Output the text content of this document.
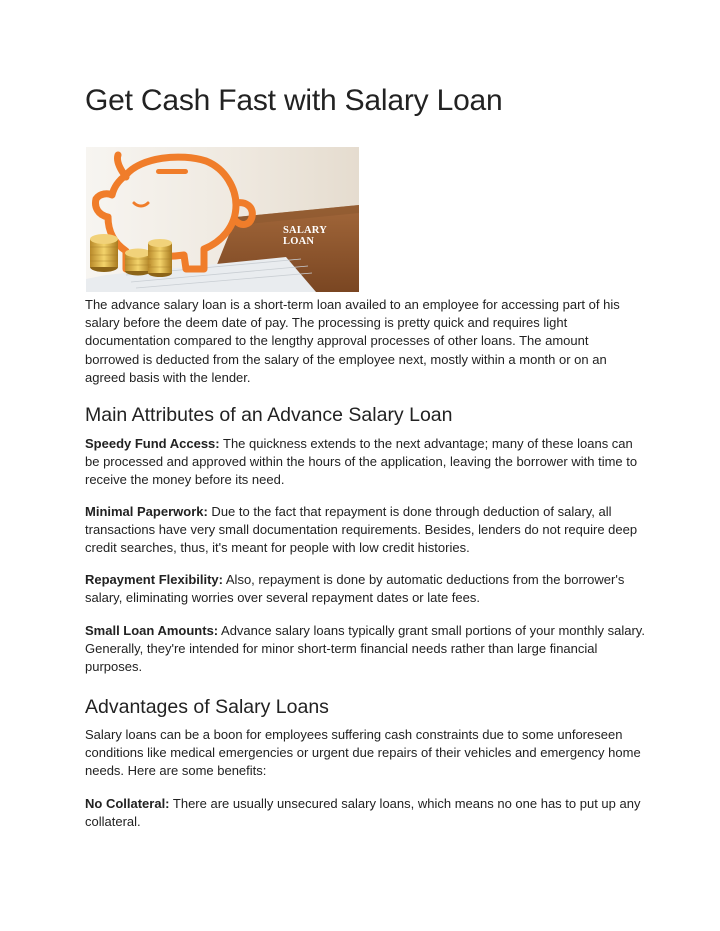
Get Cash Fast with Salary Loan
SALARY LOAN

The advance salary loan is a short-term loan availed to an employee for accessing part of his salary before the deem date of pay. The processing is pretty quick and requires light documentation compared to the lengthy approval processes of other loans. The amount borrowed is deducted from the salary of the employee next, mostly within a month or on an agreed basis with the lender.

Main Attributes of an Advance Salary Loan

Speedy Fund Access: The quickness extends to the next advantage; many of these loans can be processed and approved within the hours of the application, leaving the borrower with time to receive the money before its need.

Minimal Paperwork: Due to the fact that repayment is done through deduction of salary, all transactions have very small documentation requirements. Besides, lenders do not require deep credit searches, thus, it's meant for people with low credit histories.

Repayment Flexibility: Also, repayment is done by automatic deductions from the borrower's salary, eliminating worries over several repayment dates or late fees.

Small Loan Amounts: Advance salary loans typically grant small portions of your monthly salary. Generally, they're intended for minor short-term financial needs rather than large financial purposes.

Advantages of Salary Loans

Salary loans can be a boon for employees suffering cash constraints due to some unforeseen conditions like medical emergencies or urgent due repairs of their vehicles and emergency home needs. Here are some benefits:

No Collateral: There are usually unsecured salary loans, which means no one has to put up any collateral.
